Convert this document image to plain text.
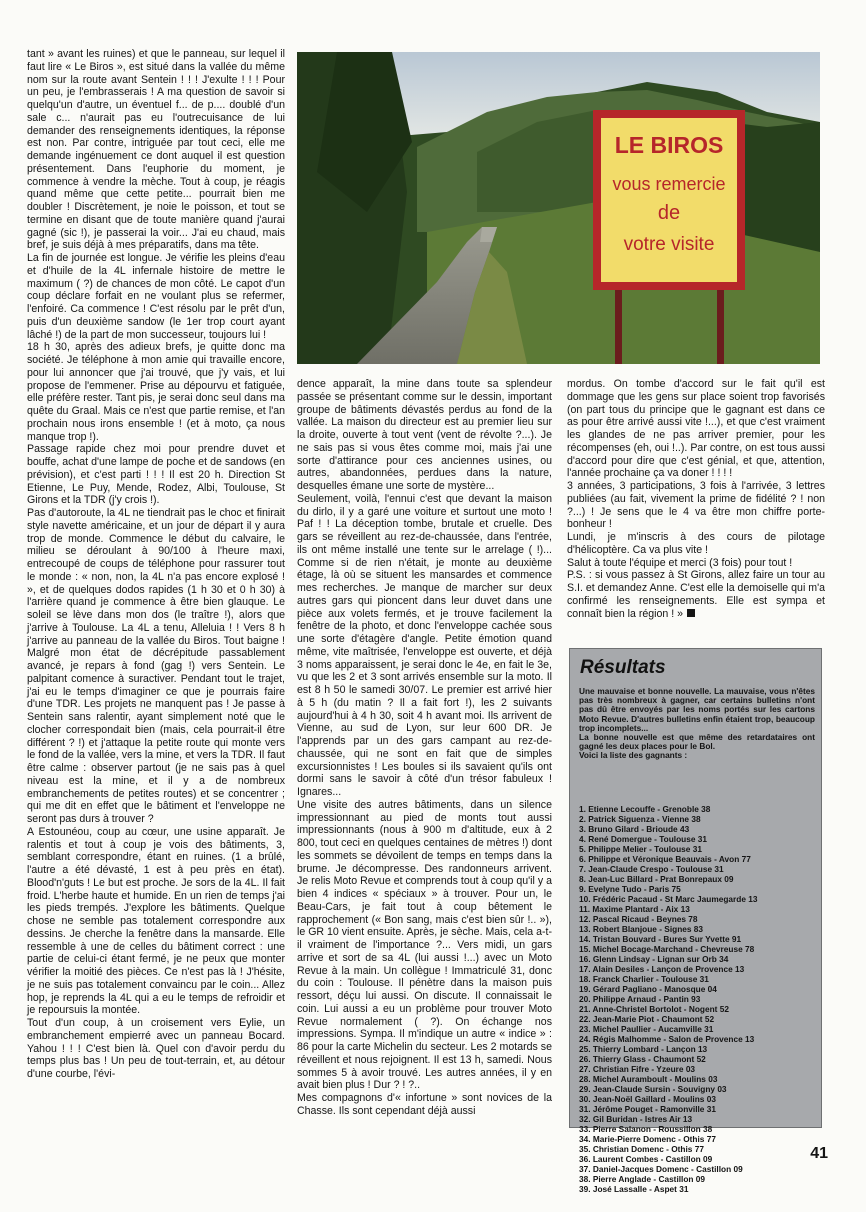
tant » avant les ruines) et que le panneau, sur lequel il faut lire « Le Biros », est situé dans la vallée du même nom sur la route avant Sentein ! ! ! J'exulte ! ! ! Pour un peu, je l'embrasserais ! A ma question de savoir si quelqu'un d'autre, un éventuel f... de p.... doublé d'un sale c... n'aurait pas eu l'outrecuisance de lui demander des renseignements identiques, la réponse est non. Par contre, intriguée par tout ceci, elle me demande ingénuement ce dont auquel il est question présentement. Dans l'euphorie du moment, je commence à vendre la mèche. Tout à coup, je réagis quand même que cette petite... pourrait bien me doubler ! Discrètement, je noie le poisson, et tout se termine en disant que de toute manière quand j'aurai gagné (sic !), je passerai la voir... J'ai eu chaud, mais bref, je suis déjà à mes préparatifs, dans ma tête.

La fin de journée est longue. Je vérifie les pleins d'eau et d'huile de la 4L infernale histoire de mettre le maximum ( ?) de chances de mon côté. Le capot d'un coup déclare forfait en ne voulant plus se refermer, l'enfoiré. Ca commence ! C'est résolu par le prêt d'un, puis d'un deuxième sandow (le 1er trop court ayant lâché !) de la part de mon successeur, toujours lui !

18 h 30, après des adieux brefs, je quitte donc ma société. Je téléphone à mon amie qui travaille encore, pour lui annoncer que j'ai trouvé, que j'y vais, et lui propose de l'emmener. Prise au dépourvu et fatiguée, elle préfère rester. Tant pis, je serai donc seul dans ma quête du Graal. Mais ce n'est que partie remise, et l'an prochain nous irons ensemble ! (et à moto, ça nous manque trop !).

Passage rapide chez moi pour prendre duvet et bouffe, achat d'une lampe de poche et de sandows (en prévision), et c'est parti ! ! ! Il est 20 h. Direction St Etienne, Le Puy, Mende, Rodez, Albi, Toulouse, St Girons et la TDR (j'y crois !).

Pas d'autoroute, la 4L ne tiendrait pas le choc et finirait style navette américaine, et un jour de départ il y aura trop de monde. Commence le début du calvaire, le milieu se déroulant à 90/100 à l'heure maxi, entrecoupé de coups de téléphone pour rassurer tout le monde : « non, non, la 4L n'a pas encore explosé ! », et de quelques dodos rapides (1 h 30 et 0 h 30) à l'arrière quand je commence à être bien glauque. Le soleil se lève dans mon dos (le traître !), alors que j'arrive à Toulouse. La 4L a tenu, Alleluia ! ! Vers 8 h j'arrive au panneau de la vallée du Biros. Tout baigne ! Malgré mon état de décrépitude passablement avancé, je repars à fond (gag !) vers Sentein. Le palpitant comence à suractiver. Pendant tout le trajet, j'ai eu le temps d'imaginer ce que je pourrais faire d'une TDR. Les projets ne manquent pas ! Je passe à Sentein sans ralentir, ayant simplement noté que le clocher correspondait bien (mais, cela pourrait-il être différent ? !) et j'attaque la petite route qui monte vers le fond de la vallée, vers la mine, et vers la TDR. Il faut être calme : observer partout (je ne sais pas à quel niveau est la mine, et il y a de nombreux embranchements de petites routes) et se concentrer ; qui me dit en effet que le bâtiment et l'enveloppe ne seront pas durs à trouver ?

A Estounéou, coup au cœur, une usine apparaît. Je ralentis et tout à coup je vois des bâtiments, 3, semblant correspondre, étant en ruines. (1 a brûlé, l'autre a été dévasté, 1 est à peu près en état). Blood'n'guts ! Le but est proche. Je sors de la 4L. Il fait froid. L'herbe haute et humide. En un rien de temps j'ai les pieds trempés. J'explore les bâtiments. Quelque chose ne semble pas totalement correspondre aux dessins. Je cherche la fenêtre dans la mansarde. Elle ressemble à une de celles du bâtiment correct : une partie de celui-ci étant fermé, je ne peux que monter vérifier la moitié des pièces. Ce n'est pas là ! J'hésite, je ne suis pas totalement convaincu par le coin... Allez hop, je reprends la 4L qui a eu le temps de refroidir et je repoursuis la montée.

Tout d'un coup, à un croisement vers Eylie, un embranchement empierré avec un panneau Bocard. Yahou ! ! ! C'est bien là. Quel con d'avoir perdu du temps plus bas ! Un peu de tout-terrain, et, au détour d'une courbe, l'évi-

LE BIROS
vous remercie
de
votre visite

dence apparaît, la mine dans toute sa splendeur passée se présentant comme sur le dessin, important groupe de bâtiments dévastés perdus au fond de la vallée. La maison du directeur est au premier lieu sur la droite, ouverte à tout vent (vent de révolte ?...). Je ne sais pas si vous êtes comme moi, mais j'ai une sorte d'attirance pour ces anciennes usines, ou autres, abandonnées, perdues dans la nature, desquelles émane une sorte de mystère...

Seulement, voilà, l'ennui c'est que devant la maison du dirlo, il y a garé une voiture et surtout une moto ! Paf ! ! La déception tombe, brutale et cruelle. Des gars se réveillent au rez-de-chaussée, dans l'entrée, ils ont même installé une tente sur le arrelage ( !)... Comme si de rien n'était, je monte au deuxième étage, là où se situent les mansardes et commence mes recherches. Je manque de marcher sur deux autres gars qui pioncent dans leur duvet dans une pièce aux volets fermés, et je trouve facilement la fenêtre de la photo, et donc l'enveloppe cachée sous une sorte d'étagère d'angle. Petite émotion quand même, vite maîtrisée, l'enveloppe est ouverte, et déjà 3 noms apparaissent, je serai donc le 4e, en fait le 3e, vu que les 2 et 3 sont arrivés ensemble sur la moto. Il est 8 h 50 le samedi 30/07. Le premier est arrivé hier à 5 h (du matin ? Il a fait fort !), les 2 suivants aujourd'hui à 4 h 30, soit 4 h avant moi. Ils arrivent de Vienne, au sud de Lyon, sur leur 600 DR. Je l'apprends par un des gars campant au rez-de-chaussée, qui ne sont en fait que de simples excursionnistes ! Les boules si ils savaient qu'ils ont dormi sans le savoir à côté d'un trésor fabuleux ! Ignares...

Une visite des autres bâtiments, dans un silence impressionnant au pied de monts tout aussi impressionnants (nous à 900 m d'altitude, eux à 2 800, tout ceci en quelques centaines de mètres !) dont les sommets se dévoilent de temps en temps dans la brume. Je décompresse. Des randonneurs arrivent. Je relis Moto Revue et comprends tout à coup qu'il y a bien 4 indices « spéciaux » à trouver. Pour un, le Beau-Cars, je fait tout à coup bêtement le rapprochement (« Bon sang, mais c'est bien sûr !.. »), le GR 10 vient ensuite. Après, je sèche. Mais, cela a-t-il vraiment de l'importance ?... Vers midi, un gars arrive et sort de sa 4L (lui aussi !...) avec un Moto Revue à la main. Un collègue ! Immatriculé 31, donc du coin : Toulouse. Il pénètre dans la maison puis ressort, déçu lui aussi. On discute. Il connaissait le coin. Lui aussi a eu un problème pour trouver Moto Revue normalement ( ?). On échange nos impressions. Sympa. Il m'indique un autre « indice » : 86 pour la carte Michelin du secteur. Les 2 motards se réveillent et nous rejoignent. Il est 13 h, samedi. Nous sommes 5 à avoir trouvé. Les autres années, il y en avait bien plus ! Dur ? ! ?..

Mes compagnons d'« infortune » sont novices de la Chasse. Ils sont cependant déjà aussi

mordus. On tombe d'accord sur le fait qu'il est dommage que les gens sur place soient trop favorisés (on part tous du principe que le gagnant est dans ce as pour être arrivé aussi vite !...), et que c'est vraiment les glandes de ne pas arriver premier, pour les récompenses (eh, oui !..). Par contre, on est tous aussi d'accord pour dire que c'est génial, et que, attention, l'année prochaine ça va doner ! ! ! !

3 années, 3 participations, 3 fois à l'arrivée, 3 lettres publiées (au fait, vivement la prime de fidélité ? ! non ?...) ! Je sens que le 4 va être mon chiffre porte-bonheur !

Lundi, je m'inscris à des cours de pilotage d'hélicoptère. Ca va plus vite !

Salut à toute l'équipe et merci (3 fois) pour tout !

P.S. : si vous passez à St Girons, allez faire un tour au S.I. et demandez Anne. C'est elle la demoiselle qui m'a confirmé les renseignements. Elle est sympa et connaît bien la région ! »

Résultats

Une mauvaise et bonne nouvelle. La mauvaise, vous n'êtes pas très nombreux à gagner, car certains bulletins n'ont pas dû être envoyés par les noms portés sur les cartons Moto Revue. D'autres bulletins enfin étaient trop, beaucoup trop incomplets...

La bonne nouvelle est que même des retardataires ont gagné les deux places pour le Bol.

Voici la liste des gagnants :

1. Etienne Lecouffe - Grenoble 38
2. Patrick Siguenza - Vienne 38
3. Bruno Gilard - Brioude 43
4. René Domergue - Toulouse 31
5. Philippe Melier - Toulouse 31
6. Philippe et Véronique Beauvais - Avon 77
7. Jean-Claude Crespo - Toulouse 31
8. Jean-Luc Billard - Prat Bonrepaux 09
9. Evelyne Tudo - Paris 75
10. Frédéric Pacaud - St Marc Jaumegarde 13
11. Maxime Plantard - Aix 13
12. Pascal Ricaud - Beynes 78
13. Robert Blanjoue - Signes 83
14. Tristan Bouvard - Bures Sur Yvette 91
15. Michel Bocage-Marchand - Chevreuse 78
16. Glenn Lindsay - Lignan sur Orb 34
17. Alain Desiles - Lançon de Provence 13
18. Franck Charlier - Toulouse 31
19. Gérard Pagliano - Manosque 04
20. Philippe Arnaud - Pantin 93
21. Anne-Christel Bortolot - Nogent 52
22. Jean-Marie Piot - Chaumont 52
23. Michel Paullier - Aucamville 31
24. Régis Malhomme - Salon de Provence 13
25. Thierry Lombard - Lançon 13
26. Thierry Glass - Chaumont 52
27. Christian Fifre - Yzeure 03
28. Michel Auramboult - Moulins 03
29. Jean-Claude Sursin - Souvigny 03
30. Jean-Noël Gaillard - Moulins 03
31. Jérôme Pouget - Ramonville 31
32. Gil Buridan - Istres Air 13
33. Pierre Salanon - Roussillon 38
34. Marie-Pierre Domenc - Othis 77
35. Christian Domenc - Othis 77
36. Laurent Combes - Castillon 09
37. Daniel-Jacques Domenc - Castillon 09
38. Pierre Anglade - Castillon 09
39. José Lassalle - Aspet 31
41
